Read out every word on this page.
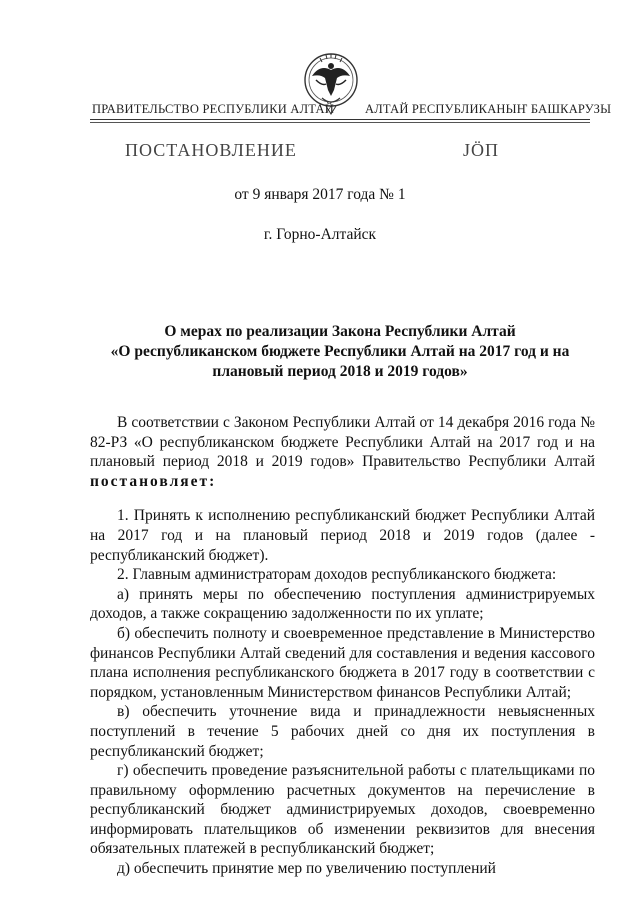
ПРАВИТЕЛЬСТВО РЕСПУБЛИКИ АЛТАЙ АЛТАЙ РЕСПУБЛИКАНЫҤ БАШКАРУЗЫ
ПОСТАНОВЛЕНИЕ	JÖП
от 9 января 2017 года № 1
г. Горно-Алтайск
О мерах по реализации Закона Республики Алтай
«О республиканском бюджете Республики Алтай на 2017 год и на
плановый период 2018 и 2019 годов»

В соответствии с Законом Республики Алтай от 14 декабря 2016 года № 82-РЗ «О республиканском бюджете Республики Алтай на 2017 год и на плановый период 2018 и 2019 годов» Правительство Республики Алтай постановляет:

1. Принять к исполнению республиканский бюджет Республики Алтай на 2017 год и на плановый период 2018 и 2019 годов (далее - республиканский бюджет).

2. Главным администраторам доходов республиканского бюджета:

а) принять меры по обеспечению поступления администрируемых доходов, а также сокращению задолженности по их уплате;

б) обеспечить полноту и своевременное представление в Министерство финансов Республики Алтай сведений для составления и ведения кассового плана исполнения республиканского бюджета в 2017 году в соответствии с порядком, установленным Министерством финансов Республики Алтай;

в) обеспечить уточнение вида и принадлежности невыясненных поступлений в течение 5 рабочих дней со дня их поступления в республиканский бюджет;

г) обеспечить проведение разъяснительной работы с плательщиками по правильному оформлению расчетных документов на перечисление в республиканский бюджет администрируемых доходов, своевременно информировать плательщиков об изменении реквизитов для внесения обязательных платежей в республиканский бюджет;

д) обеспечить принятие мер по увеличению поступлений
